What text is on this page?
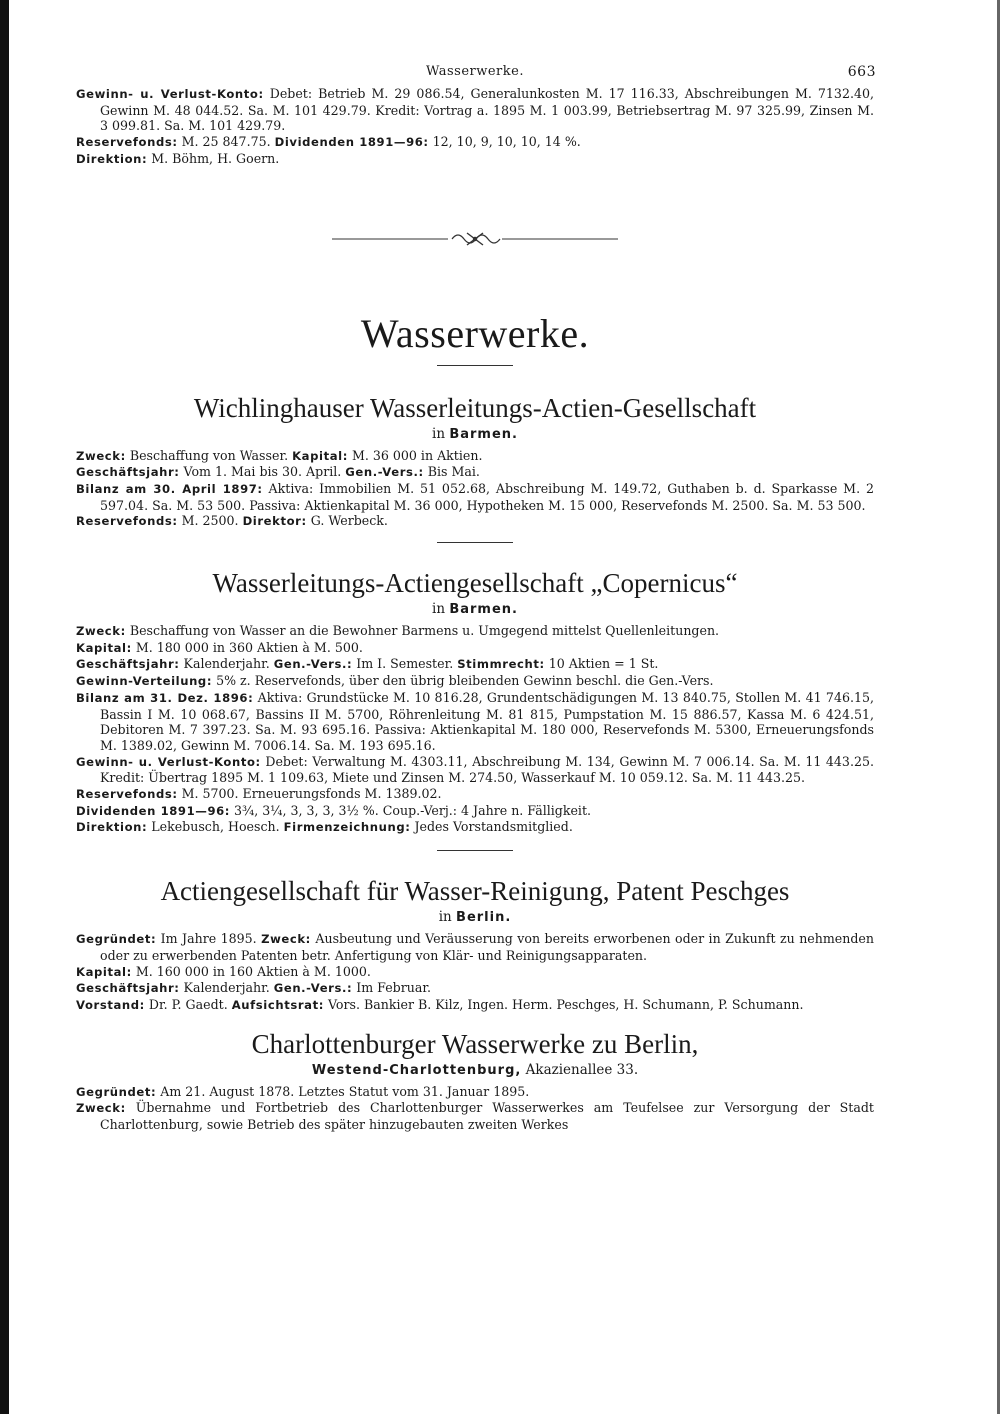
Wasserwerke.	663

Gewinn- u. Verlust-Konto: Debet: Betrieb M. 29 086.54, Generalunkosten M. 17 116.33, Abschreibungen M. 7132.40, Gewinn M. 48 044.52. Sa. M. 101 429.79. Kredit: Vortrag a. 1895 M. 1 003.99, Betriebsertrag M. 97 325.99, Zinsen M. 3 099.81. Sa. M. 101 429.79.

Reservefonds: M. 25 847.75. Dividenden 1891—96: 12, 10, 9, 10, 10, 14 %.

Direktion: M. Böhm, H. Goern.

Wasserwerke.
Wichlinghauser Wasserleitungs-Actien-Gesellschaft
in Barmen.

Zweck: Beschaffung von Wasser. Kapital: M. 36 000 in Aktien.

Geschäftsjahr: Vom 1. Mai bis 30. April. Gen.-Vers.: Bis Mai.

Bilanz am 30. April 1897: Aktiva: Immobilien M. 51 052.68, Abschreibung M. 149.72, Guthaben b. d. Sparkasse M. 2 597.04. Sa. M. 53 500. Passiva: Aktienkapital M. 36 000, Hypotheken M. 15 000, Reservefonds M. 2500. Sa. M. 53 500.

Reservefonds: M. 2500. Direktor: G. Werbeck.

Wasserleitungs-Actiengesellschaft „Copernicus“
in Barmen.

Zweck: Beschaffung von Wasser an die Bewohner Barmens u. Umgegend mittelst Quellenleitungen.

Kapital: M. 180 000 in 360 Aktien à M. 500.

Geschäftsjahr: Kalenderjahr. Gen.-Vers.: Im I. Semester. Stimmrecht: 10 Aktien = 1 St.

Gewinn-Verteilung: 5% z. Reservefonds, über den übrig bleibenden Gewinn beschl. die Gen.-Vers.

Bilanz am 31. Dez. 1896: Aktiva: Grundstücke M. 10 816.28, Grundentschädigungen M. 13 840.75, Stollen M. 41 746.15, Bassin I M. 10 068.67, Bassins II M. 5700, Röhrenleitung M. 81 815, Pumpstation M. 15 886.57, Kassa M. 6 424.51, Debitoren M. 7 397.23. Sa. M. 93 695.16. Passiva: Aktienkapital M. 180 000, Reservefonds M. 5300, Erneuerungsfonds M. 1389.02, Gewinn M. 7006.14. Sa. M. 193 695.16.

Gewinn- u. Verlust-Konto: Debet: Verwaltung M. 4303.11, Abschreibung M. 134, Gewinn M. 7 006.14. Sa. M. 11 443.25. Kredit: Übertrag 1895 M. 1 109.63, Miete und Zinsen M. 274.50, Wasserkauf M. 10 059.12. Sa. M. 11 443.25.

Reservefonds: M. 5700. Erneuerungsfonds M. 1389.02.

Dividenden 1891—96: 3¾, 3¼, 3, 3, 3, 3½ %. Coup.-Verj.: 4 Jahre n. Fälligkeit.

Direktion: Lekebusch, Hoesch. Firmenzeichnung: Jedes Vorstandsmitglied.

Actiengesellschaft für Wasser-Reinigung, Patent Peschges
in Berlin.

Gegründet: Im Jahre 1895. Zweck: Ausbeutung und Veräusserung von bereits erworbenen oder in Zukunft zu nehmenden oder zu erwerbenden Patenten betr. Anfertigung von Klär- und Reinigungsapparaten.

Kapital: M. 160 000 in 160 Aktien à M. 1000.

Geschäftsjahr: Kalenderjahr. Gen.-Vers.: Im Februar.

Vorstand: Dr. P. Gaedt. Aufsichtsrat: Vors. Bankier B. Kilz, Ingen. Herm. Peschges, H. Schumann, P. Schumann.

Charlottenburger Wasserwerke zu Berlin,
Westend-Charlottenburg, Akazienallee 33.

Gegründet: Am 21. August 1878. Letztes Statut vom 31. Januar 1895.

Zweck: Übernahme und Fortbetrieb des Charlottenburger Wasserwerkes am Teufelsee zur Versorgung der Stadt Charlottenburg, sowie Betrieb des später hinzugebauten zweiten Werkes
